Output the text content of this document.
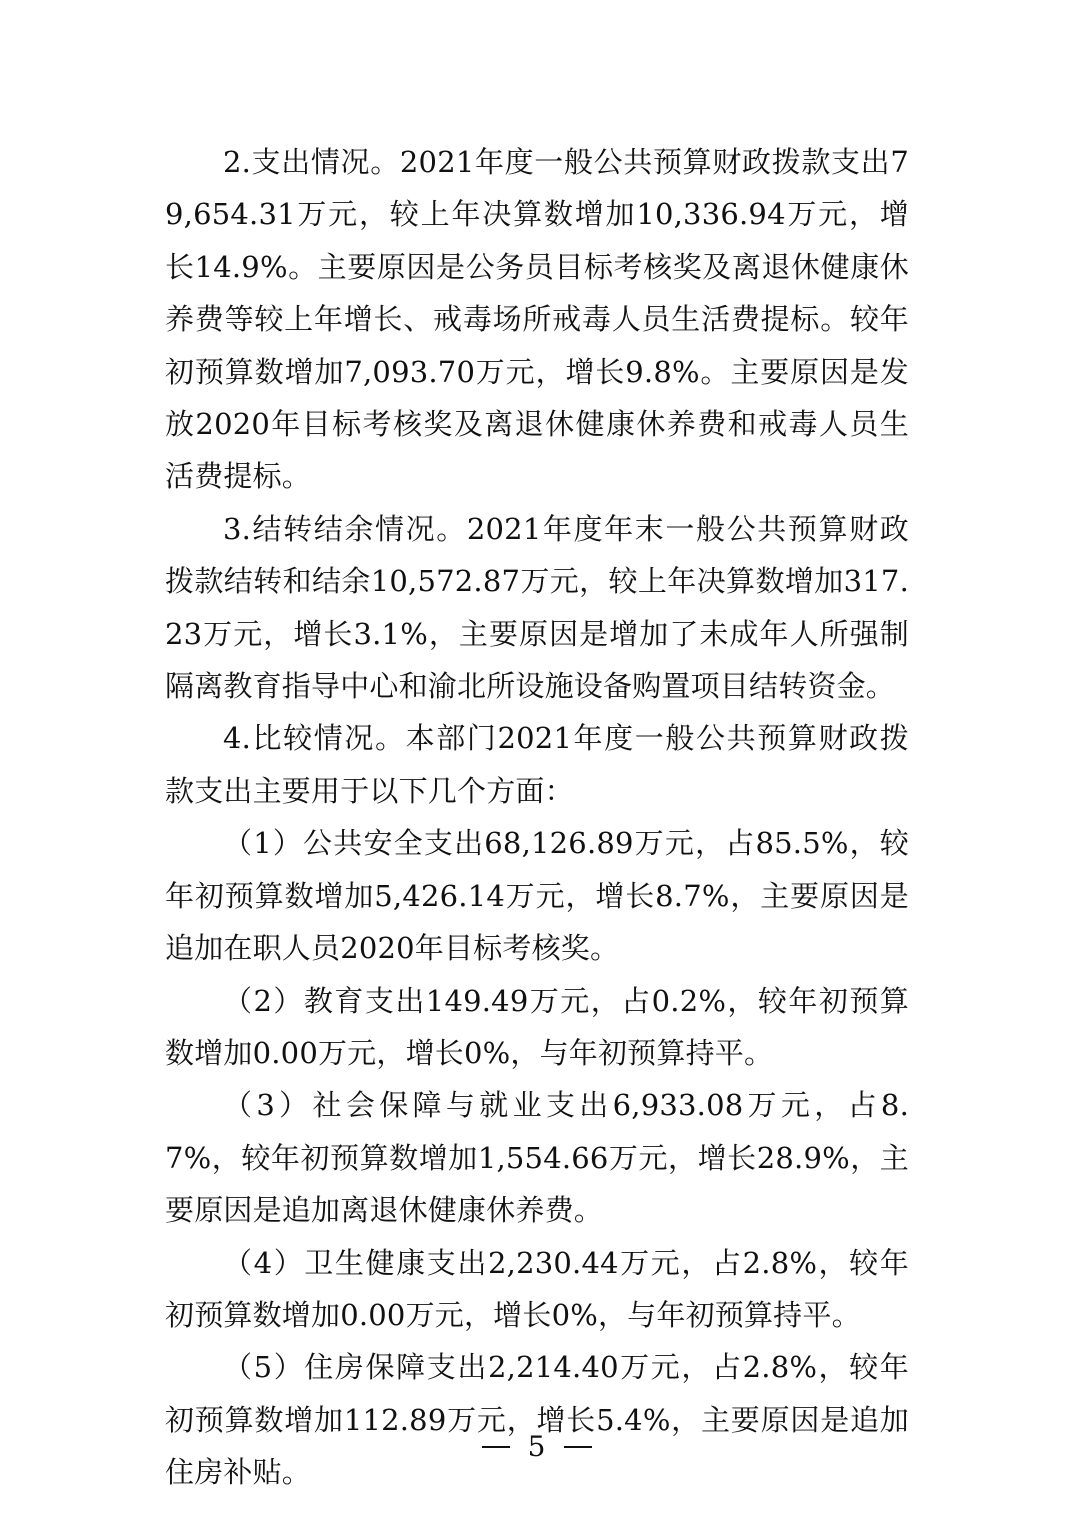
2.支出情况。2021年度一般公共预算财政拨款支出79,654.31万元，较上年决算数增加10,336.94万元，增长14.9%。主要原因是公务员目标考核奖及离退休健康休养费等较上年增长、戒毒场所戒毒人员生活费提标。较年初预算数增加7,093.70万元，增长9.8%。主要原因是发放2020年目标考核奖及离退休健康休养费和戒毒人员生活费提标。

3.结转结余情况。2021年度年末一般公共预算财政拨款结转和结余10,572.87万元，较上年决算数增加317.23万元，增长3.1%，主要原因是增加了未成年人所强制隔离教育指导中心和渝北所设施设备购置项目结转资金。

4.比较情况。本部门2021年度一般公共预算财政拨款支出主要用于以下几个方面：

（1）公共安全支出68,126.89万元，占85.5%，较年初预算数增加5,426.14万元，增长8.7%，主要原因是追加在职人员2020年目标考核奖。

（2）教育支出149.49万元，占0.2%，较年初预算数增加0.00万元，增长0%，与年初预算持平。

（3）社会保障与就业支出6,933.08万元，占8.7%，较年初预算数增加1,554.66万元，增长28.9%，主要原因是追加离退休健康休养费。

（4）卫生健康支出2,230.44万元，占2.8%，较年初预算数增加0.00万元，增长0%，与年初预算持平。

（5）住房保障支出2,214.40万元，占2.8%，较年初预算数增加112.89万元，增长5.4%，主要原因是追加住房补贴。

5
